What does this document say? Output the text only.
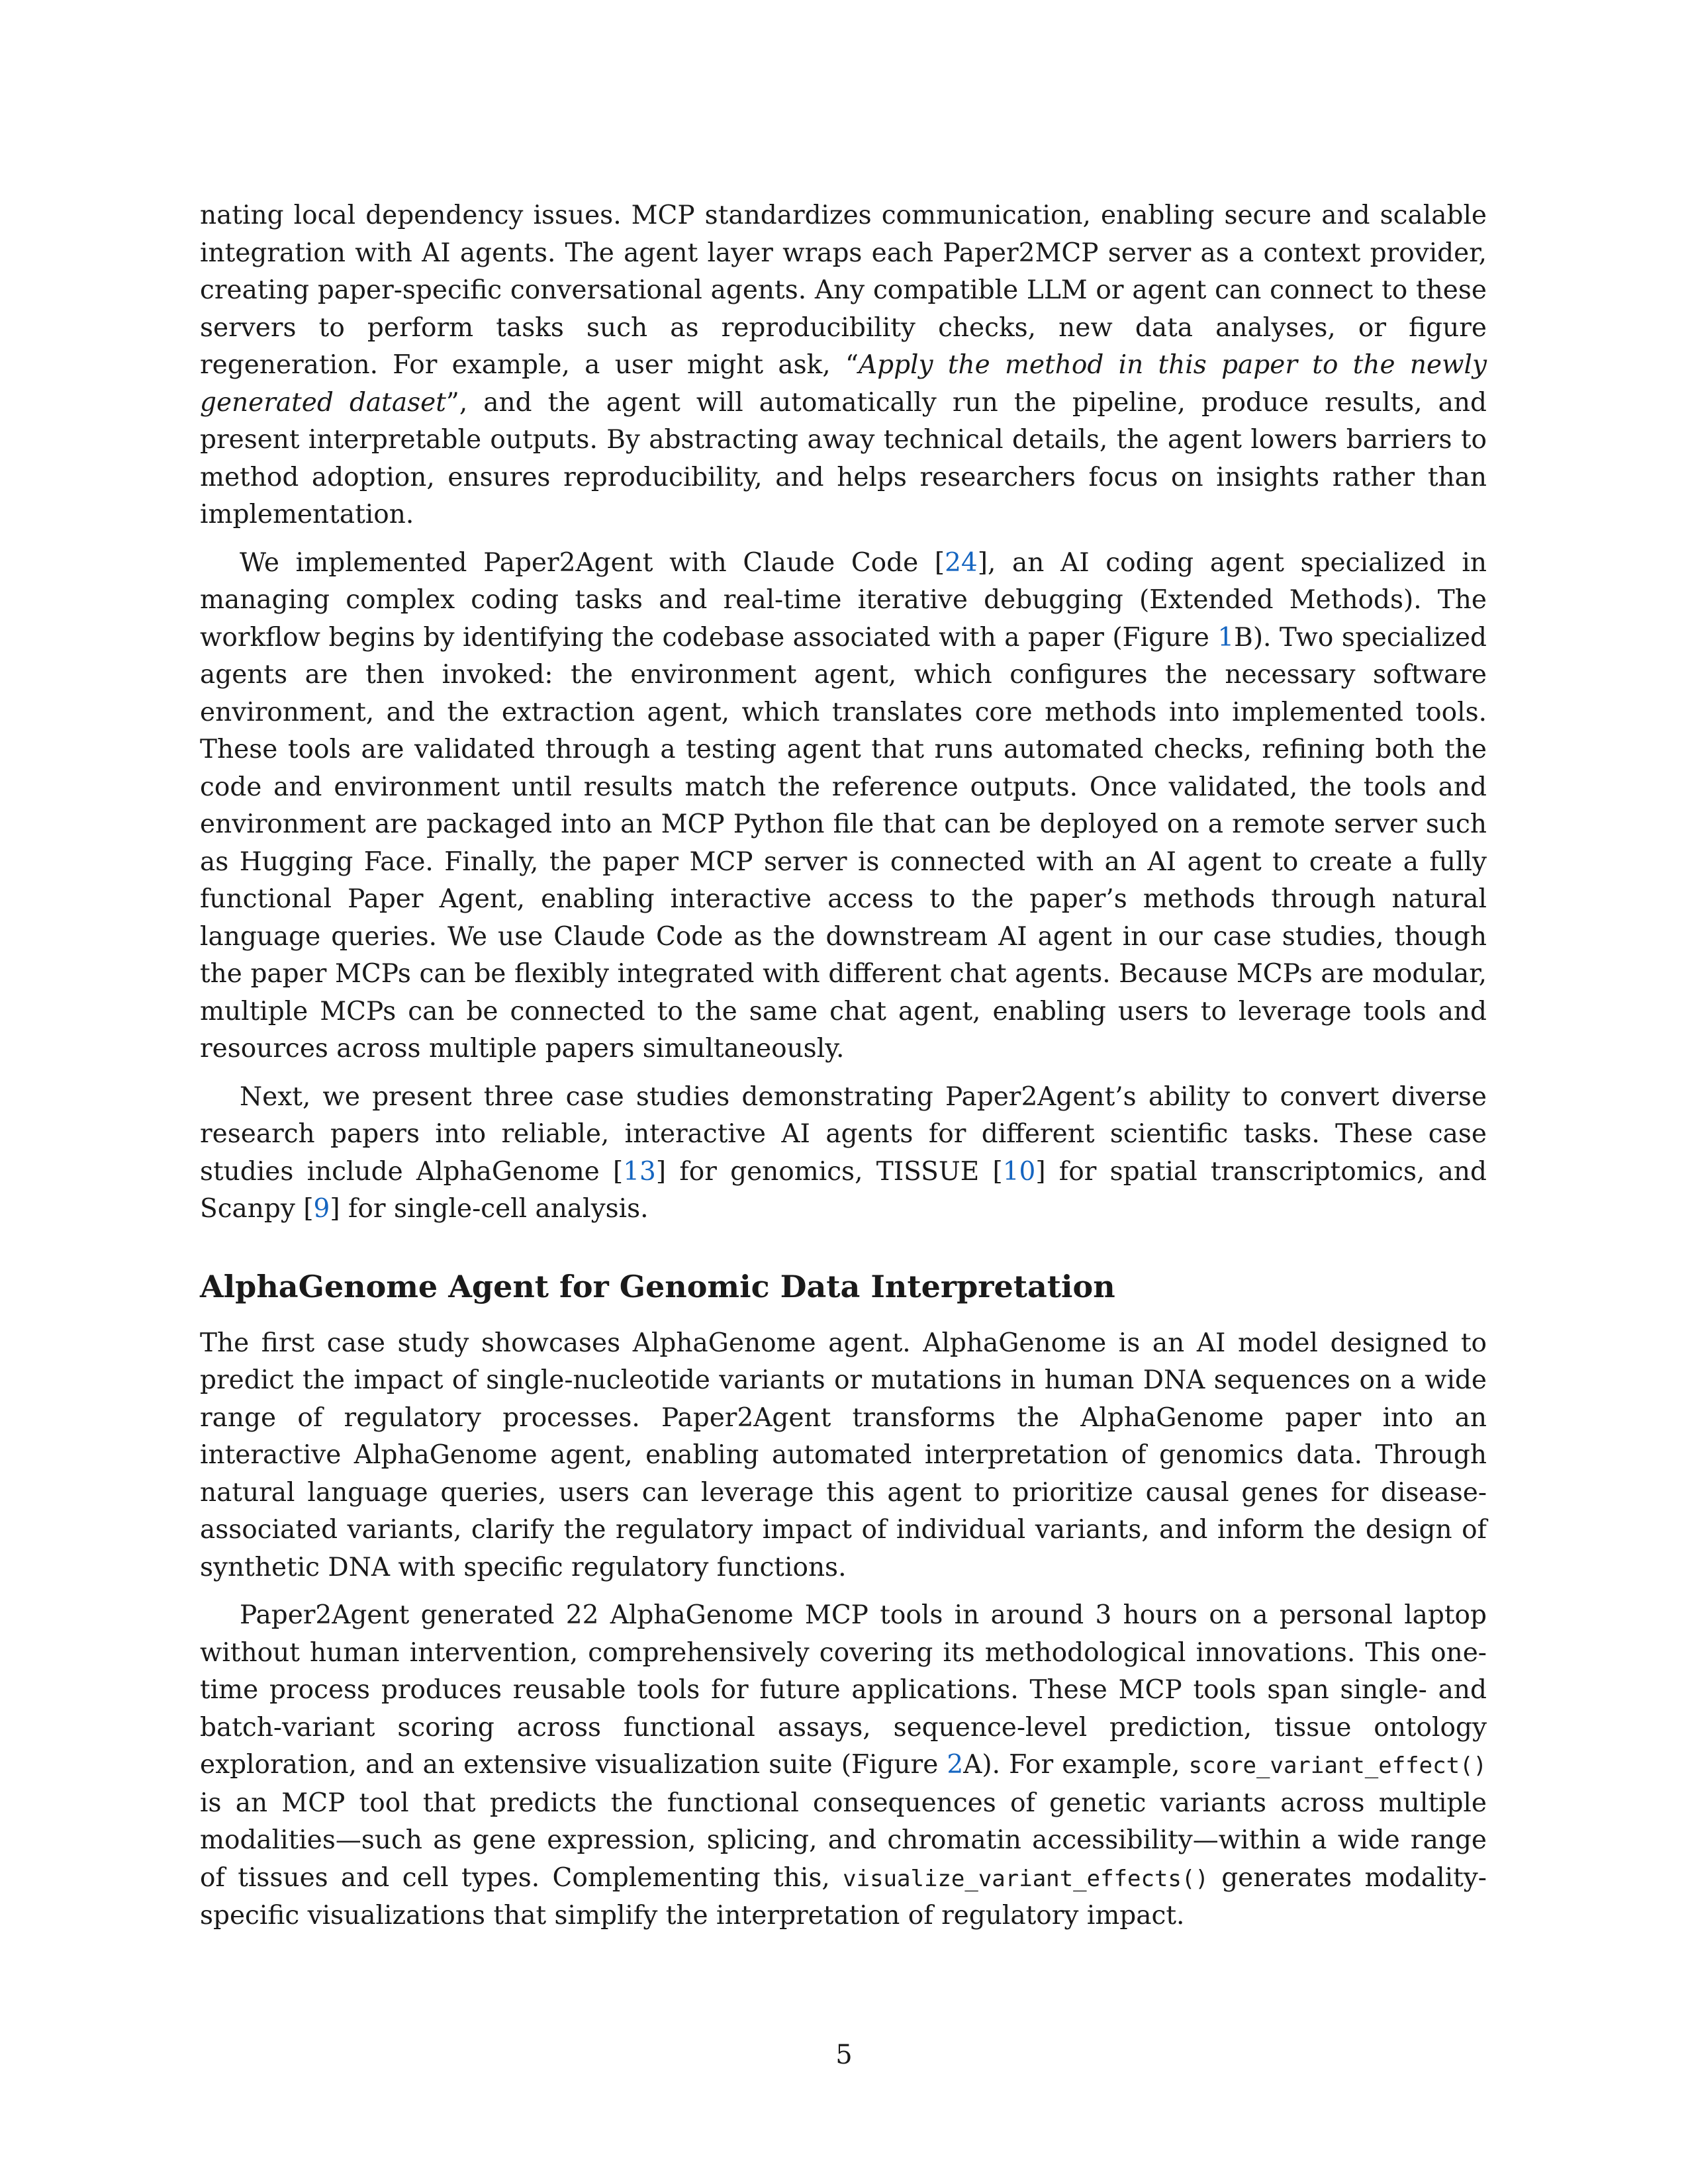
nating local dependency issues. MCP standardizes communication, enabling secure and scalable integration with AI agents. The agent layer wraps each Paper2MCP server as a context provider, creating paper-specific conversational agents. Any compatible LLM or agent can connect to these servers to perform tasks such as reproducibility checks, new data analyses, or figure regeneration. For example, a user might ask, “Apply the method in this paper to the newly generated dataset”, and the agent will automatically run the pipeline, produce results, and present interpretable outputs. By abstracting away technical details, the agent lowers barriers to method adoption, ensures reproducibility, and helps researchers focus on insights rather than implementation.

We implemented Paper2Agent with Claude Code [24], an AI coding agent specialized in managing complex coding tasks and real-time iterative debugging (Extended Methods). The workflow begins by identifying the codebase associated with a paper (Figure 1B). Two specialized agents are then invoked: the environment agent, which configures the necessary software environment, and the extraction agent, which translates core methods into implemented tools. These tools are validated through a testing agent that runs automated checks, refining both the code and environment until results match the reference outputs. Once validated, the tools and environment are packaged into an MCP Python file that can be deployed on a remote server such as Hugging Face. Finally, the paper MCP server is connected with an AI agent to create a fully functional Paper Agent, enabling interactive access to the paper’s methods through natural language queries. We use Claude Code as the downstream AI agent in our case studies, though the paper MCPs can be flexibly integrated with different chat agents. Because MCPs are modular, multiple MCPs can be connected to the same chat agent, enabling users to leverage tools and resources across multiple papers simultaneously.

Next, we present three case studies demonstrating Paper2Agent’s ability to convert diverse research papers into reliable, interactive AI agents for different scientific tasks. These case studies include AlphaGenome [13] for genomics, TISSUE [10] for spatial transcriptomics, and Scanpy [9] for single-cell analysis.

AlphaGenome Agent for Genomic Data Interpretation

The first case study showcases AlphaGenome agent. AlphaGenome is an AI model designed to predict the impact of single-nucleotide variants or mutations in human DNA sequences on a wide range of regulatory processes. Paper2Agent transforms the AlphaGenome paper into an interactive AlphaGenome agent, enabling automated interpretation of genomics data. Through natural language queries, users can leverage this agent to prioritize causal genes for disease-associated variants, clarify the regulatory impact of individual variants, and inform the design of synthetic DNA with specific regulatory functions.

Paper2Agent generated 22 AlphaGenome MCP tools in around 3 hours on a personal laptop without human intervention, comprehensively covering its methodological innovations. This one-time process produces reusable tools for future applications. These MCP tools span single- and batch-variant scoring across functional assays, sequence-level prediction, tissue ontology exploration, and an extensive visualization suite (Figure 2A). For example, score_variant_effect() is an MCP tool that predicts the functional consequences of genetic variants across multiple modalities—such as gene expression, splicing, and chromatin accessibility—within a wide range of tissues and cell types. Complementing this, visualize_variant_effects() generates modality-specific visualizations that simplify the interpretation of regulatory impact.

5
